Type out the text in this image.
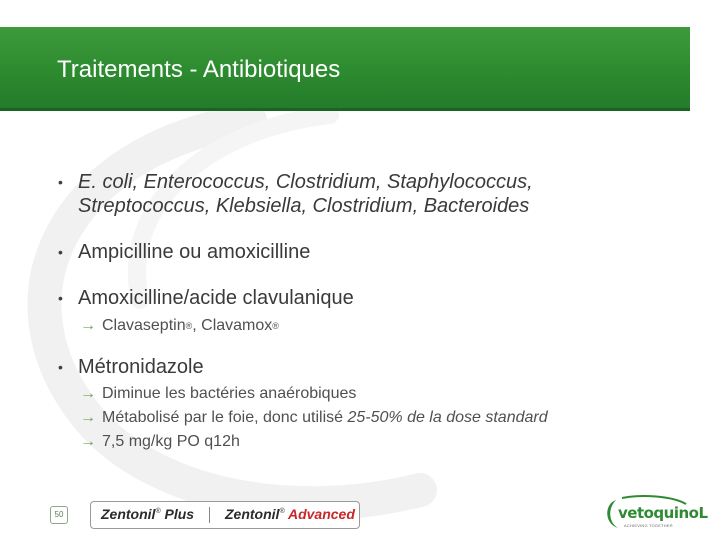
Traitements - Antibiotiques
• E. coli, Enterococcus, Clostridium, Staphylococcus,
Streptococcus, Klebsiella, Clostridium, Bacteroides
• Ampicilline ou amoxicilline
• Amoxicilline/acide clavulanique
→ Clavaseptin®, Clavamox®
• Métronidazole
→ Diminue les bactéries anaérobiques
→ Métabolisé par le foie, donc utilisé 25-50% de la dose standard
→ 7,5 mg/kg PO q12h
50	Zentonil® Plus Zentonil® Advanced	vetoquinoL
ACHIEVING TOGETHER
